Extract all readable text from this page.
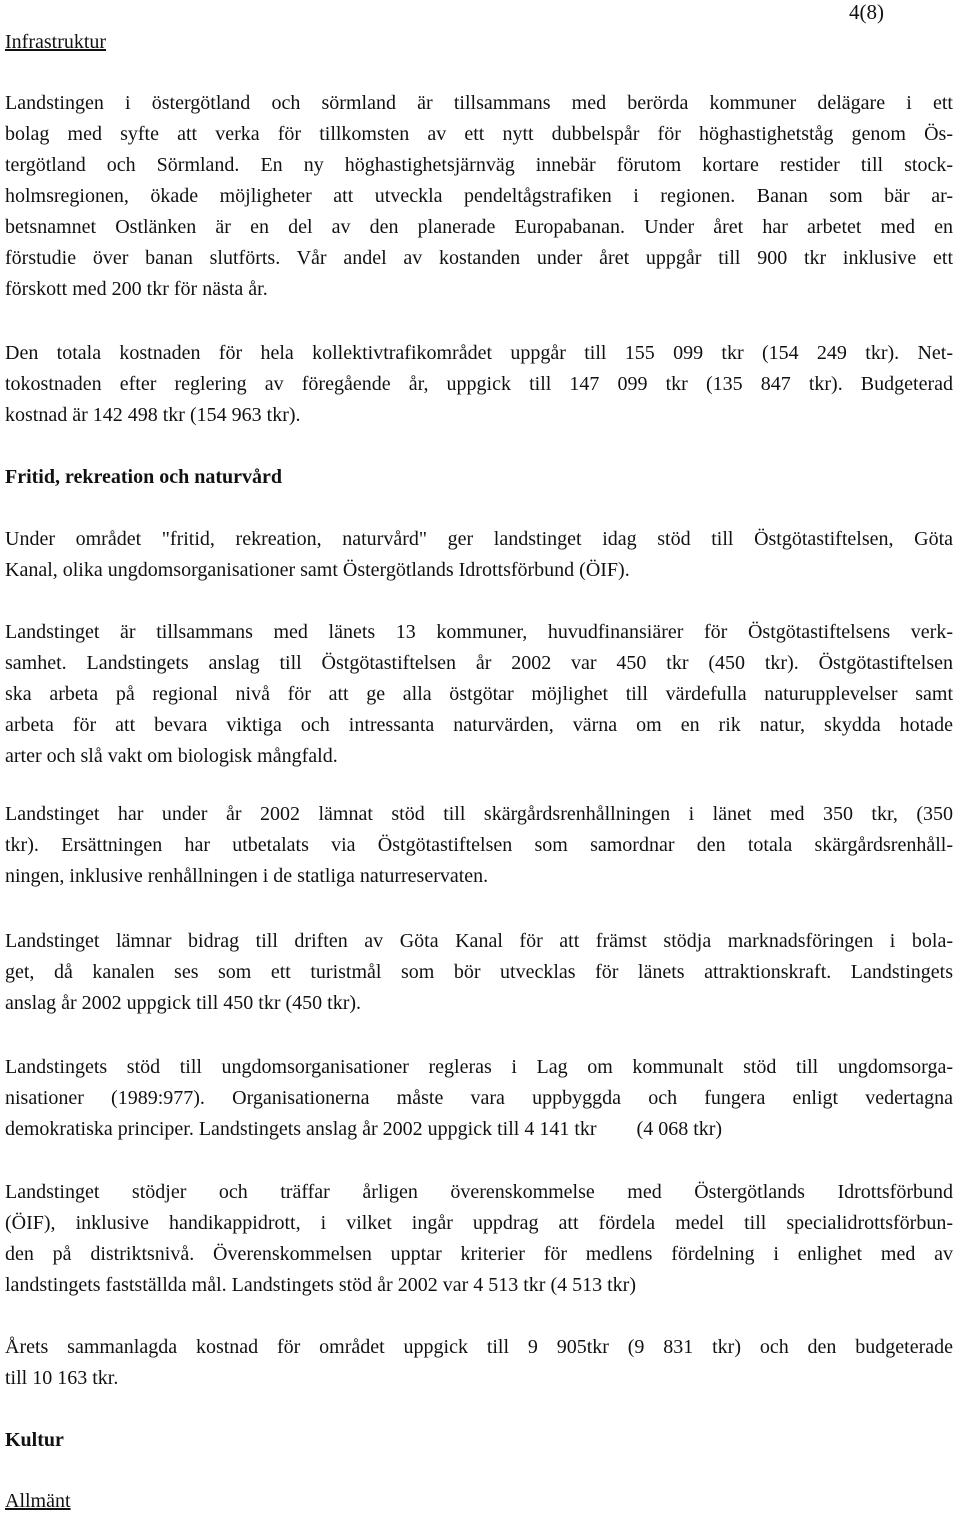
4(8)
Infrastruktur
Landstingen i östergötland och sörmland är tillsammans med berörda kommuner delägare i ett
bolag med syfte att verka för tillkomsten av ett nytt dubbelspår för höghastighetståg genom Ös-
tergötland och Sörmland. En ny höghastighetsjärnväg innebär förutom kortare restider till stock-
holmsregionen, ökade möjligheter att utveckla pendeltågstrafiken i regionen. Banan som bär ar-
betsnamnet Ostlänken är en del av den planerade Europabanan. Under året har arbetet med en
förstudie över banan slutförts. Vår andel av kostanden under året uppgår till 900 tkr inklusive ett
förskott med 200 tkr för nästa år.
Den totala kostnaden för hela kollektivtrafikområdet uppgår till 155 099 tkr (154 249 tkr). Net-
tokostnaden efter reglering av föregående år, uppgick till 147 099 tkr (135 847 tkr). Budgeterad
kostnad är 142 498 tkr (154 963 tkr).
Fritid, rekreation och naturvård
Under området "fritid, rekreation, naturvård" ger landstinget idag stöd till Östgötastiftelsen, Göta
Kanal, olika ungdomsorganisationer samt Östergötlands Idrottsförbund (ÖIF).
Landstinget är tillsammans med länets 13 kommuner, huvudfinansiärer för Östgötastiftelsens verk-
samhet. Landstingets anslag till Östgötastiftelsen år 2002 var 450 tkr (450 tkr). Östgötastiftelsen
ska arbeta på regional nivå för att ge alla östgötar möjlighet till värdefulla naturupplevelser samt
arbeta för att bevara viktiga och intressanta naturvärden, värna om en rik natur, skydda hotade
arter och slå vakt om biologisk mångfald.
Landstinget har under år 2002 lämnat stöd till skärgårdsrenhållningen i länet med 350 tkr, (350
tkr). Ersättningen har utbetalats via Östgötastiftelsen som samordnar den totala skärgårdsrenhåll-
ningen, inklusive renhållningen i de statliga naturreservaten.
Landstinget lämnar bidrag till driften av Göta Kanal för att främst stödja marknadsföringen i bola-
get, då kanalen ses som ett turistmål som bör utvecklas för länets attraktionskraft. Landstingets
anslag år 2002 uppgick till 450 tkr (450 tkr).
Landstingets stöd till ungdomsorganisationer regleras i Lag om kommunalt stöd till ungdomsorga-
nisationer (1989:977). Organisationerna måste vara uppbyggda och fungera enligt vedertagna
demokratiska principer. Landstingets anslag år 2002 uppgick till 4 141 tkr        (4 068 tkr)
Landstinget stödjer och träffar årligen överenskommelse med Östergötlands Idrottsförbund
(ÖIF), inklusive handikappidrott, i vilket ingår uppdrag att fördela medel till specialidrottsförbun-
den på distriktsnivå. Överenskommelsen upptar kriterier för medlens fördelning i enlighet med av
landstingets fastställda mål. Landstingets stöd år 2002 var 4 513 tkr (4 513 tkr)
Årets sammanlagda kostnad för området uppgick till 9 905tkr (9 831 tkr) och den budgeterade
till 10 163 tkr.
Kultur
Allmänt
